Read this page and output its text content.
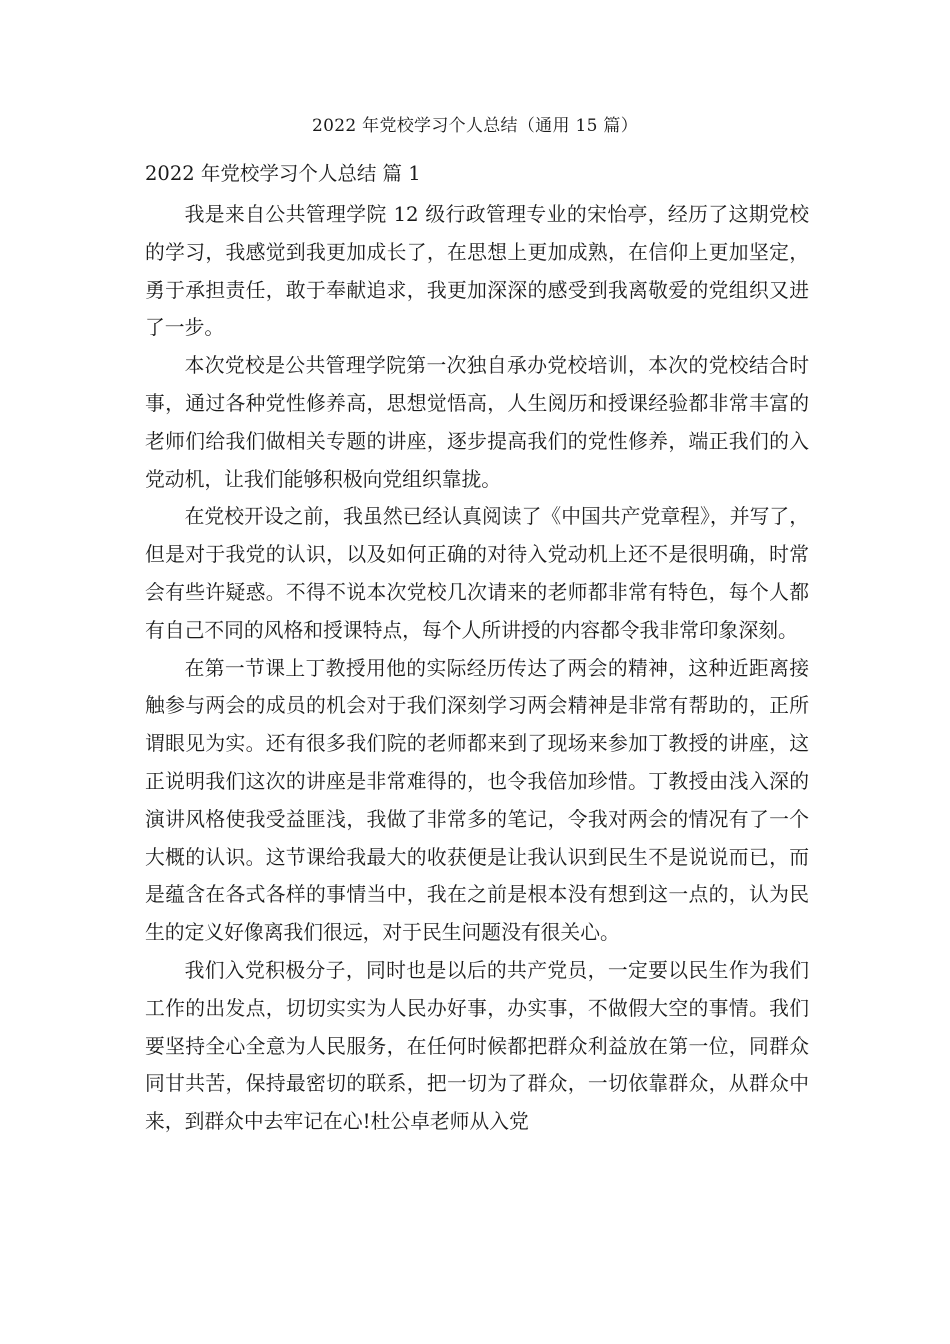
2022 年党校学习个人总结（通用 15 篇）
2022 年党校学习个人总结 篇 1

我是来自公共管理学院 12 级行政管理专业的宋怡亭，经历了这期党校的学习，我感觉到我更加成长了，在思想上更加成熟，在信仰上更加坚定，勇于承担责任，敢于奉献追求，我更加深深的感受到我离敬爱的党组织又进了一步。

本次党校是公共管理学院第一次独自承办党校培训，本次的党校结合时事，通过各种党性修养高，思想觉悟高，人生阅历和授课经验都非常丰富的老师们给我们做相关专题的讲座，逐步提高我们的党性修养，端正我们的入党动机，让我们能够积极向党组织靠拢。

在党校开设之前，我虽然已经认真阅读了《中国共产党章程》，并写了，但是对于我党的认识，以及如何正确的对待入党动机上还不是很明确，时常会有些许疑惑。不得不说本次党校几次请来的老师都非常有特色，每个人都有自己不同的风格和授课特点，每个人所讲授的内容都令我非常印象深刻。

在第一节课上丁教授用他的实际经历传达了两会的精神，这种近距离接触参与两会的成员的机会对于我们深刻学习两会精神是非常有帮助的，正所谓眼见为实。还有很多我们院的老师都来到了现场来参加丁教授的讲座，这正说明我们这次的讲座是非常难得的，也令我倍加珍惜。丁教授由浅入深的演讲风格使我受益匪浅，我做了非常多的笔记，令我对两会的情况有了一个大概的认识。这节课给我最大的收获便是让我认识到民生不是说说而已，而是蕴含在各式各样的事情当中，我在之前是根本没有想到这一点的，认为民生的定义好像离我们很远，对于民生问题没有很关心。

我们入党积极分子，同时也是以后的共产党员，一定要以民生作为我们工作的出发点，切切实实为人民办好事，办实事，不做假大空的事情。我们要坚持全心全意为人民服务，在任何时候都把群众利益放在第一位，同群众同甘共苦，保持最密切的联系，把一切为了群众，一切依靠群众，从群众中来，到群众中去牢记在心!杜公卓老师从入党
